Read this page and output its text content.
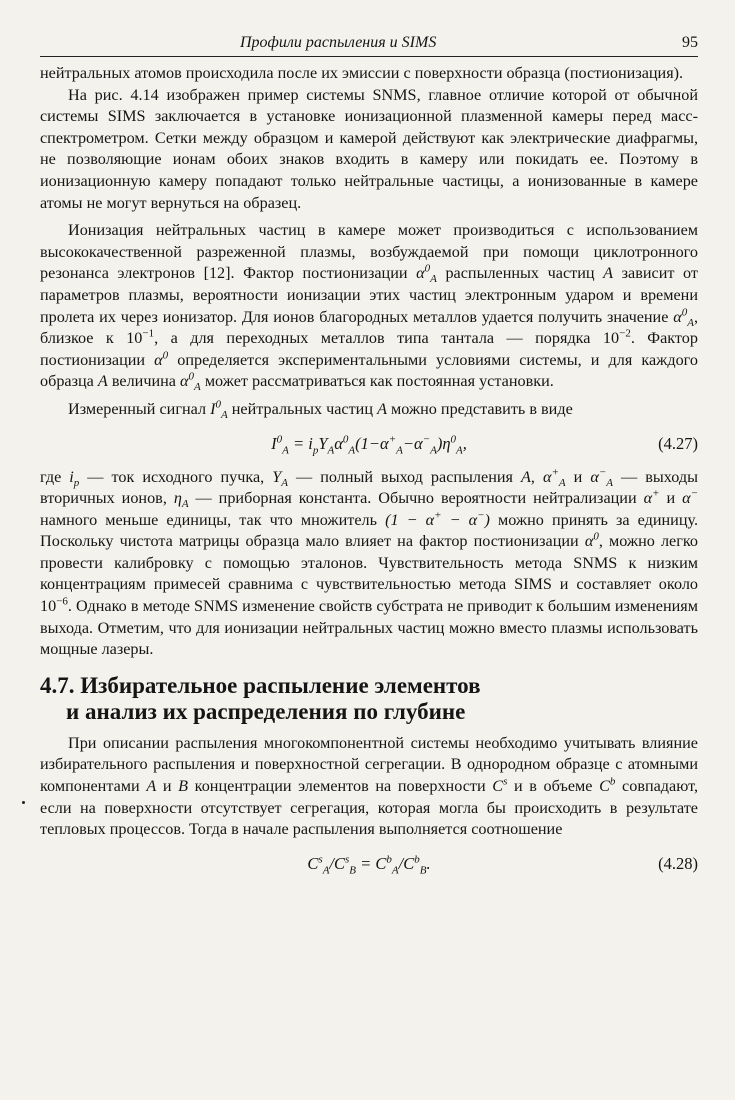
Профили распыления и SIMS	95

нейтральных атомов происходила после их эмиссии с поверхности образца (постионизация).

На рис. 4.14 изображен пример системы SNMS, главное отличие которой от обычной системы SIMS заключается в установке ионизационной плазменной камеры перед масс-спектрометром. Сетки между образцом и камерой действуют как электрические диафрагмы, не позволяющие ионам обоих знаков входить в камеру или покидать ее. Поэтому в ионизационную камеру попадают только нейтральные частицы, а ионизованные в камере атомы не могут вернуться на образец.

Ионизация нейтральных частиц в камере может производиться с использованием высококачественной разреженной плазмы, возбуждаемой при помощи циклотронного резонанса электронов [12]. Фактор постионизации $\alpha^0_A$ распыленных частиц A зависит от параметров плазмы, вероятности ионизации этих частиц электронным ударом и времени пролета их через ионизатор. Для ионов благородных металлов удается получить значение $\alpha^0_A$, близкое к $10^{-1}$, а для переходных металлов типа тантала — порядка $10^{-2}$. Фактор постионизации $\alpha^0$ определяется экспериментальными условиями системы, и для каждого образца A величина $\alpha^0_A$ может рассматриваться как постоянная установки.

Измеренный сигнал $I^0_A$ нейтральных частиц A можно представить в виде

$I^0_A = i_pY_A\alpha^0_A(1-\alpha^+_A-\alpha^-_A)\eta^0_A$,	(4.27)

где $i_p$ — ток исходного пучка, $Y_A$ — полный выход распыления A, $\alpha^+_A$ и $\alpha^-_A$ — выходы вторичных ионов, $\eta_A$ — приборная константа. Обычно вероятности нейтрализации α+ и α− намного меньше единицы, так что множитель (1 − α+ − α−) можно принять за единицу. Поскольку чистота матрицы образца мало влияет на фактор постионизации $\alpha^0$, можно легко провести калибровку с помощью эталонов. Чувствительность метода SNMS к низким концентрациям примесей сравнима с чувствительностью метода SIMS и составляет около $10^{-6}$. Однако в методе SNMS изменение свойств субстрата не приводит к большим изменениям выхода. Отметим, что для ионизации нейтральных частиц можно вместо плазмы использовать мощные лазеры.

4.7. Избирательное распыление элементов
и анализ их распределения по глубине

При описании распыления многокомпонентной системы необходимо учитывать влияние избирательного распыления и поверхностной сегрегации. В однородном образце с атомными компонентами A и B концентрации элементов на поверхности $C^s$ и в объеме $C^b$ совпадают, если на поверхности отсутствует сегрегация, которая могла бы происходить в результате тепловых процессов. Тогда в начале распыления выполняется соотношение

$C^s_A/C^s_B = C^b_A/C^b_B$.	(4.28)
